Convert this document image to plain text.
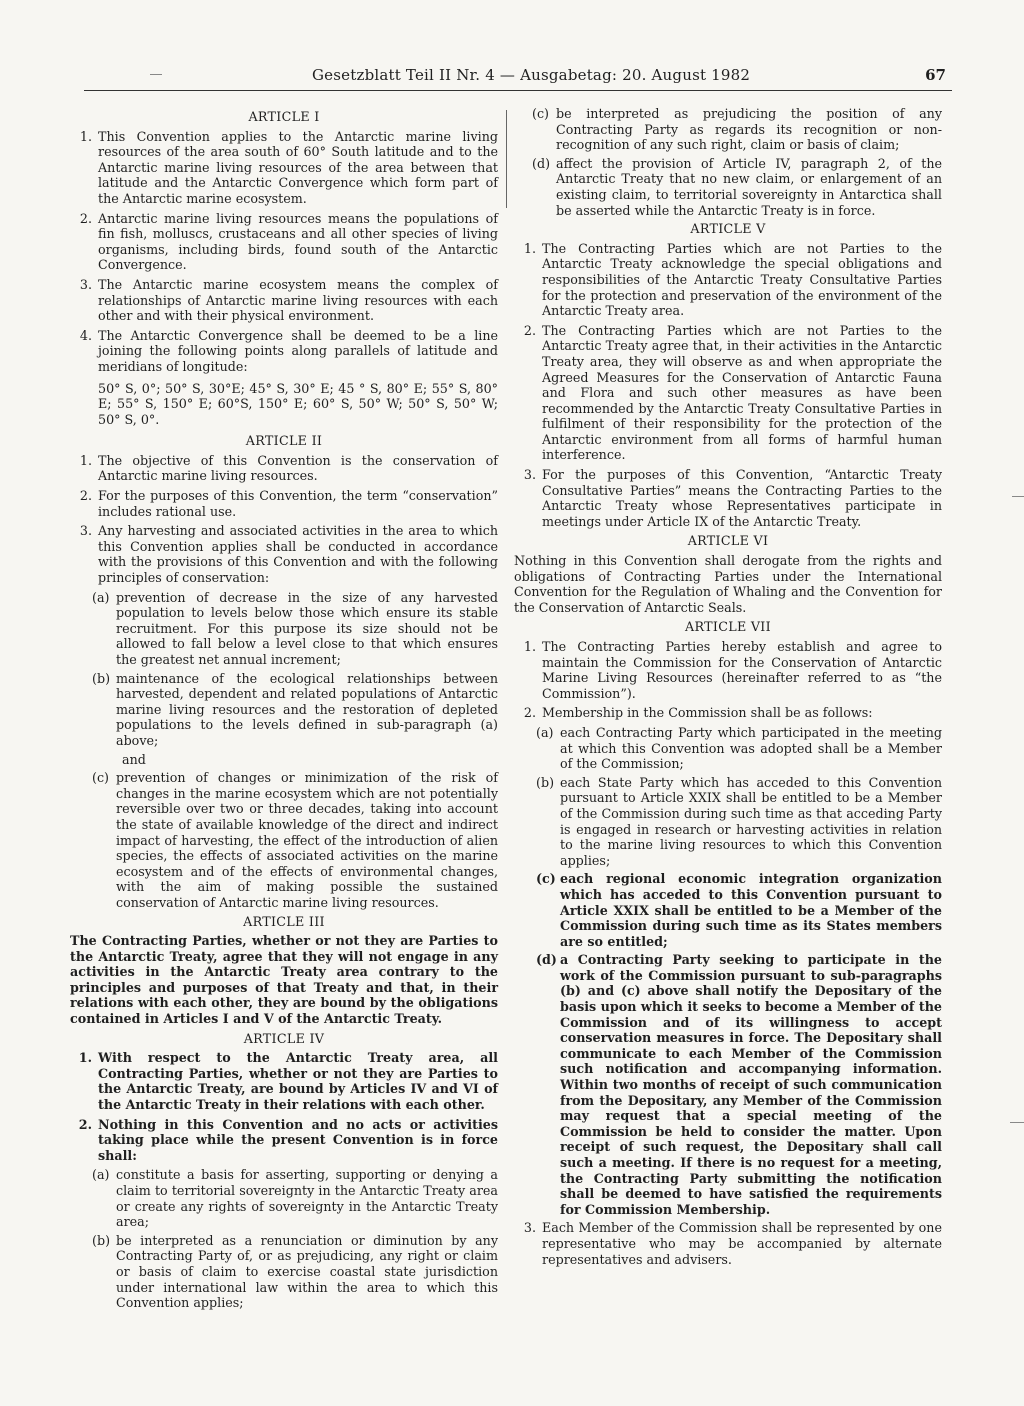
Gesetzblatt Teil II Nr. 4 — Ausgabetag: 20. August 1982	67
ARTICLE I
1. This Convention applies to the Antarctic marine living resources of the area south of 60° South latitude and to the Antarctic marine living resources of the area between that latitude and the Antarctic Convergence which form part of the Antarctic marine ecosystem.
2. Antarctic marine living resources means the populations of fin fish, molluscs, crustaceans and all other species of living organisms, including birds, found south of the Antarctic Convergence.
3. The Antarctic marine ecosystem means the complex of relationships of Antarctic marine living resources with each other and with their physical environment.
4. The Antarctic Convergence shall be deemed to be a line joining the following points along parallels of latitude and meridians of longitude:
50° S, 0°; 50° S, 30°E; 45° S, 30° E; 45 ° S, 80° E; 55° S, 80° E; 55° S, 150° E; 60°S, 150° E; 60° S, 50° W; 50° S, 50° W; 50° S, 0°.
ARTICLE II
1. The objective of this Convention is the conservation of Antarctic marine living resources.
2. For the purposes of this Convention, the term “conservation” includes rational use.
3. Any harvesting and associated activities in the area to which this Convention applies shall be conducted in accordance with the provisions of this Convention and with the following principles of conservation:
(a) prevention of decrease in the size of any harvested population to levels below those which ensure its stable recruitment. For this purpose its size should not be allowed to fall below a level close to that which ensures the greatest net annual increment;
(b) maintenance of the ecological relationships between harvested, dependent and related populations of Antarctic marine living resources and the restoration of depleted populations to the levels defined in sub-paragraph (a) above;
and
(c) prevention of changes or minimization of the risk of changes in the marine ecosystem which are not potentially reversible over two or three decades, taking into account the state of available knowledge of the direct and indirect impact of harvesting, the effect of the introduction of alien species, the effects of associated activities on the marine ecosystem and of the effects of environmental changes, with the aim of making possible the sustained conservation of Antarctic marine living resources.
ARTICLE III
The Contracting Parties, whether or not they are Parties to the Antarctic Treaty, agree that they will not engage in any activities in the Antarctic Treaty area contrary to the principles and purposes of that Treaty and that, in their relations with each other, they are bound by the obligations contained in Articles I and V of the Antarctic Treaty.
ARTICLE IV
1. With respect to the Antarctic Treaty area, all Contracting Parties, whether or not they are Parties to the Antarctic Treaty, are bound by Articles IV and VI of the Antarctic Treaty in their relations with each other.
2. Nothing in this Convention and no acts or activities taking place while the present Convention is in force shall:
(a) constitute a basis for asserting, supporting or denying a claim to territorial sovereignty in the Antarctic Treaty area or create any rights of sovereignty in the Antarctic Treaty area;
(b) be interpreted as a renunciation or diminution by any Contracting Party of, or as prejudicing, any right or claim or basis of claim to exercise coastal state jurisdiction under international law within the area to which this Convention applies;
(c) be interpreted as prejudicing the position of any Contracting Party as regards its recognition or non-recognition of any such right, claim or basis of claim;
(d) affect the provision of Article IV, paragraph 2, of the Antarctic Treaty that no new claim, or enlargement of an existing claim, to territorial sovereignty in Antarctica shall be asserted while the Antarctic Treaty is in force.
ARTICLE V
1. The Contracting Parties which are not Parties to the Antarctic Treaty acknowledge the special obligations and responsibilities of the Antarctic Treaty Consultative Parties for the protection and preservation of the environment of the Antarctic Treaty area.
2. The Contracting Parties which are not Parties to the Antarctic Treaty agree that, in their activities in the Antarctic Treaty area, they will observe as and when appropriate the Agreed Measures for the Conservation of Antarctic Fauna and Flora and such other measures as have been recommended by the Antarctic Treaty Consultative Parties in fulfilment of their responsibility for the protection of the Antarctic environment from all forms of harmful human interference.
3. For the purposes of this Convention, “Antarctic Treaty Consultative Parties” means the Contracting Parties to the Antarctic Treaty whose Representatives participate in meetings under Article IX of the Antarctic Treaty.
ARTICLE VI
Nothing in this Convention shall derogate from the rights and obligations of Contracting Parties under the International Convention for the Regulation of Whaling and the Convention for the Conservation of Antarctic Seals.
ARTICLE VII
1. The Contracting Parties hereby establish and agree to maintain the Commission for the Conservation of Antarctic Marine Living Resources (hereinafter referred to as “the Commission”).
2. Membership in the Commission shall be as follows:
(a) each Contracting Party which participated in the meeting at which this Convention was adopted shall be a Member of the Commission;
(b) each State Party which has acceded to this Convention pursuant to Article XXIX shall be entitled to be a Member of the Commission during such time as that acceding Party is engaged in research or harvesting activities in relation to the marine living resources to which this Convention applies;
(c) each regional economic integration organization which has acceded to this Convention pursuant to Article XXIX shall be entitled to be a Member of the Commission during such time as its States members are so entitled;
(d) a Contracting Party seeking to participate in the work of the Commission pursuant to sub-paragraphs (b) and (c) above shall notify the Depositary of the basis upon which it seeks to become a Member of the Commission and of its willingness to accept conservation measures in force. The Depositary shall communicate to each Member of the Commission such notification and accompanying information. Within two months of receipt of such communication from the Depositary, any Member of the Commission may request that a special meeting of the Commission be held to consider the matter. Upon receipt of such request, the Depositary shall call such a meeting. If there is no request for a meeting, the Contracting Party submitting the notification shall be deemed to have satisfied the requirements for Commission Membership.
3. Each Member of the Commission shall be represented by one representative who may be accompanied by alternate representatives and advisers.
